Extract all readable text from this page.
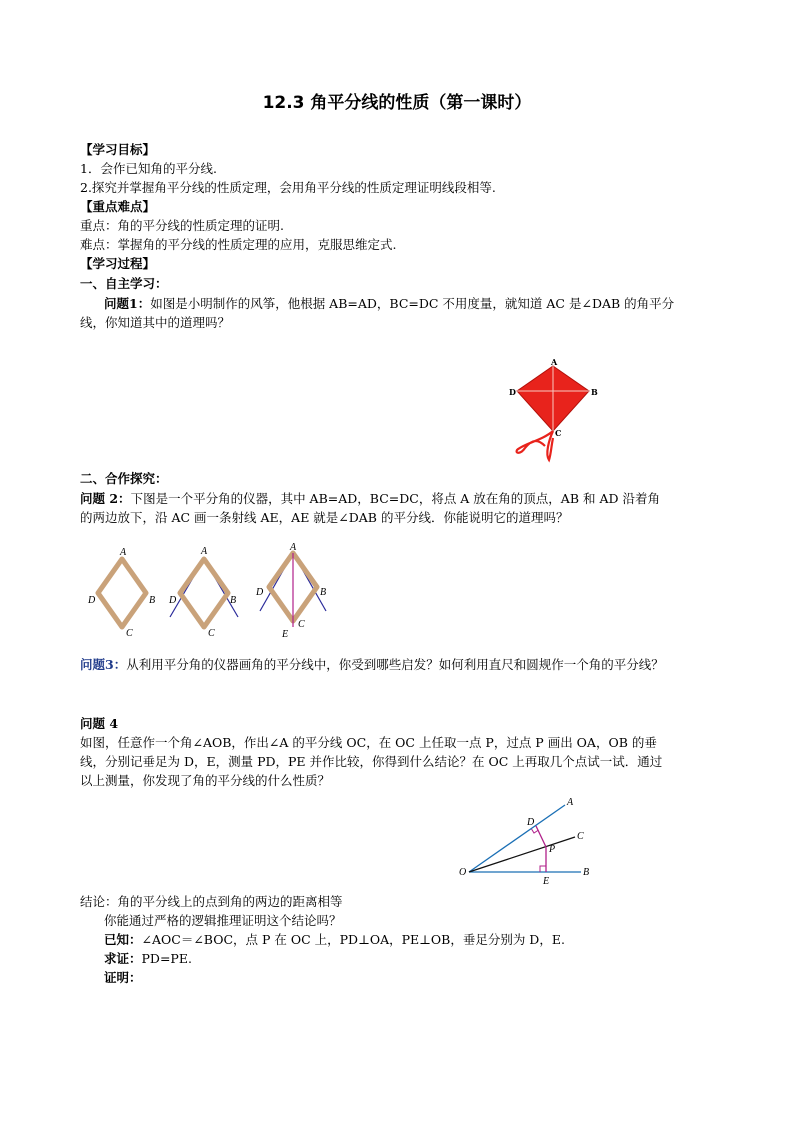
12.3 角平分线的性质（第一课时）
【学习目标】
1．会作已知角的平分线.
2.探究并掌握角平分线的性质定理，会用角平分线的性质定理证明线段相等.
【重点难点】
重点：角的平分线的性质定理的证明.
难点：掌握角的平分线的性质定理的应用，克服思维定式.
【学习过程】
一、自主学习：
问题1：如图是小明制作的风筝，他根据 AB=AD，BC=DC 不用度量，就知道 AC 是∠DAB 的角平分
线，你知道其中的道理吗？
A
B
C
D
二、合作探究：
问题 2：下图是一个平分角的仪器，其中 AB=AD，BC=DC，将点 A 放在角的顶点，AB 和 AD 沿着角
的两边放下，沿 AC 画一条射线 AE，AE 就是∠DAB 的平分线．你能说明它的道理吗？
A
B
C
D
A
B
C
D
A
B
C
D
E
问题3：从利用平分角的仪器画角的平分线中，你受到哪些启发？如何利用直尺和圆规作一个角的平分线？
问题 4
如图，任意作一个角∠AOB，作出∠A 的平分线 OC，在 OC 上任取一点 P，过点 P 画出 OA，OB 的垂
线，分别记垂足为 D，E，测量 PD，PE 并作比较，你得到什么结论？在 OC 上再取几个点试一试．通过
以上测量，你发现了角的平分线的什么性质？
A
B
C
D
E
O
P
结论：角的平分线上的点到角的两边的距离相等
你能通过严格的逻辑推理证明这个结论吗？
已知：∠AOC＝∠BOC，点 P 在 OC 上，PD⊥OA，PE⊥OB，垂足分别为 D，E.
求证：PD=PE.
证明：
